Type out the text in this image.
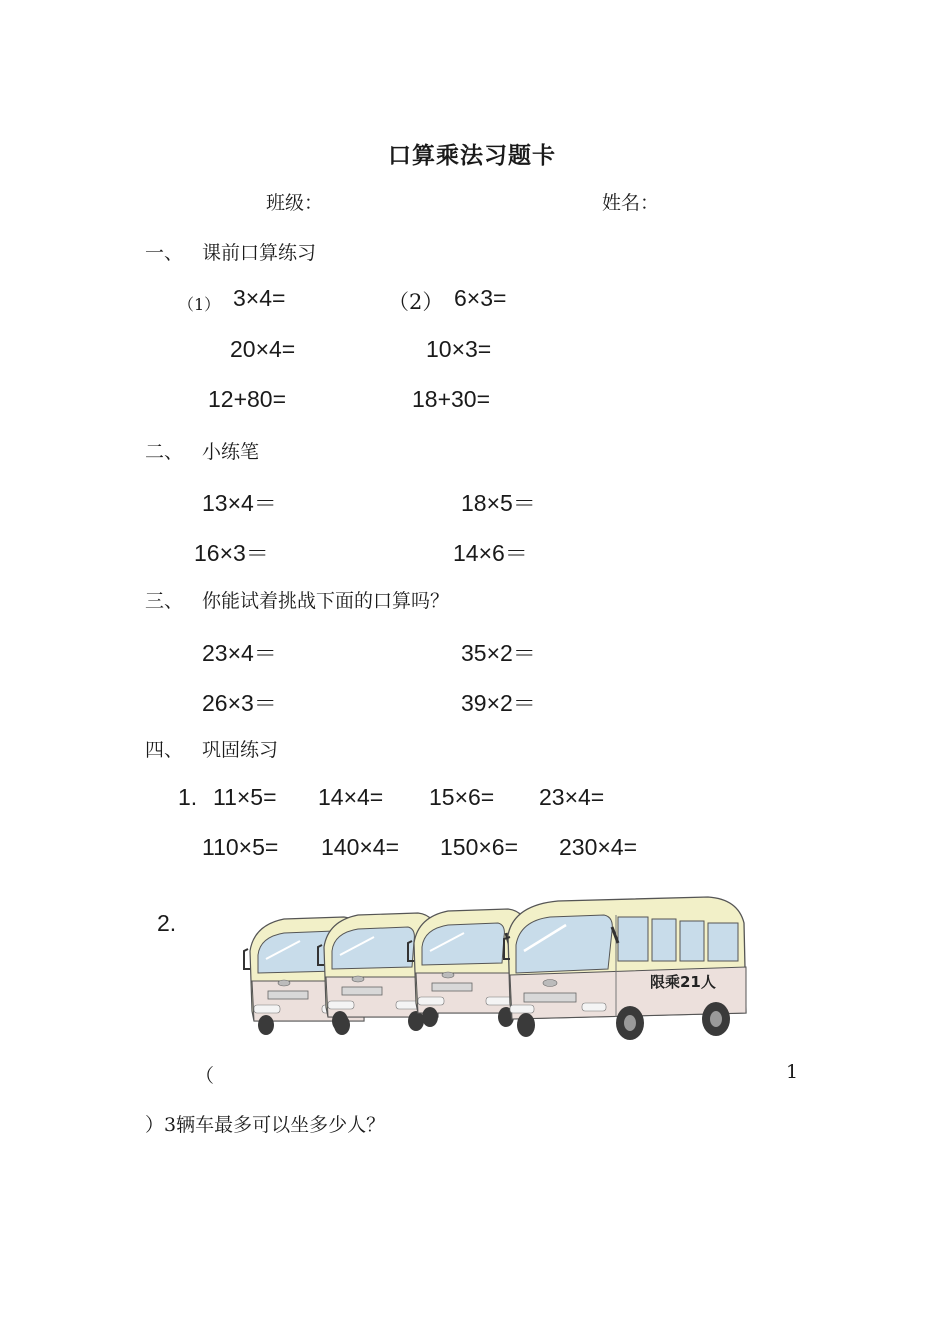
口算乘法习题卡
班级：	姓名：
一、 课前口算练习
（1） 3×4=	（2） 6×3=
20×4=	10×3=
12+80=	18+30=
二、 小练笔
13×4＝	18×5＝
16×3＝	14×6＝
三、 你能试着挑战下面的口算吗？
23×4＝	35×2＝
26×3＝	39×2＝
四、 巩固练习
1. 11×5= 14×4= 15×6= 23×4=
110×5= 140×4= 150×6= 230×4=
2.
限乘21人
（	1
）3辆车最多可以坐多少人？
